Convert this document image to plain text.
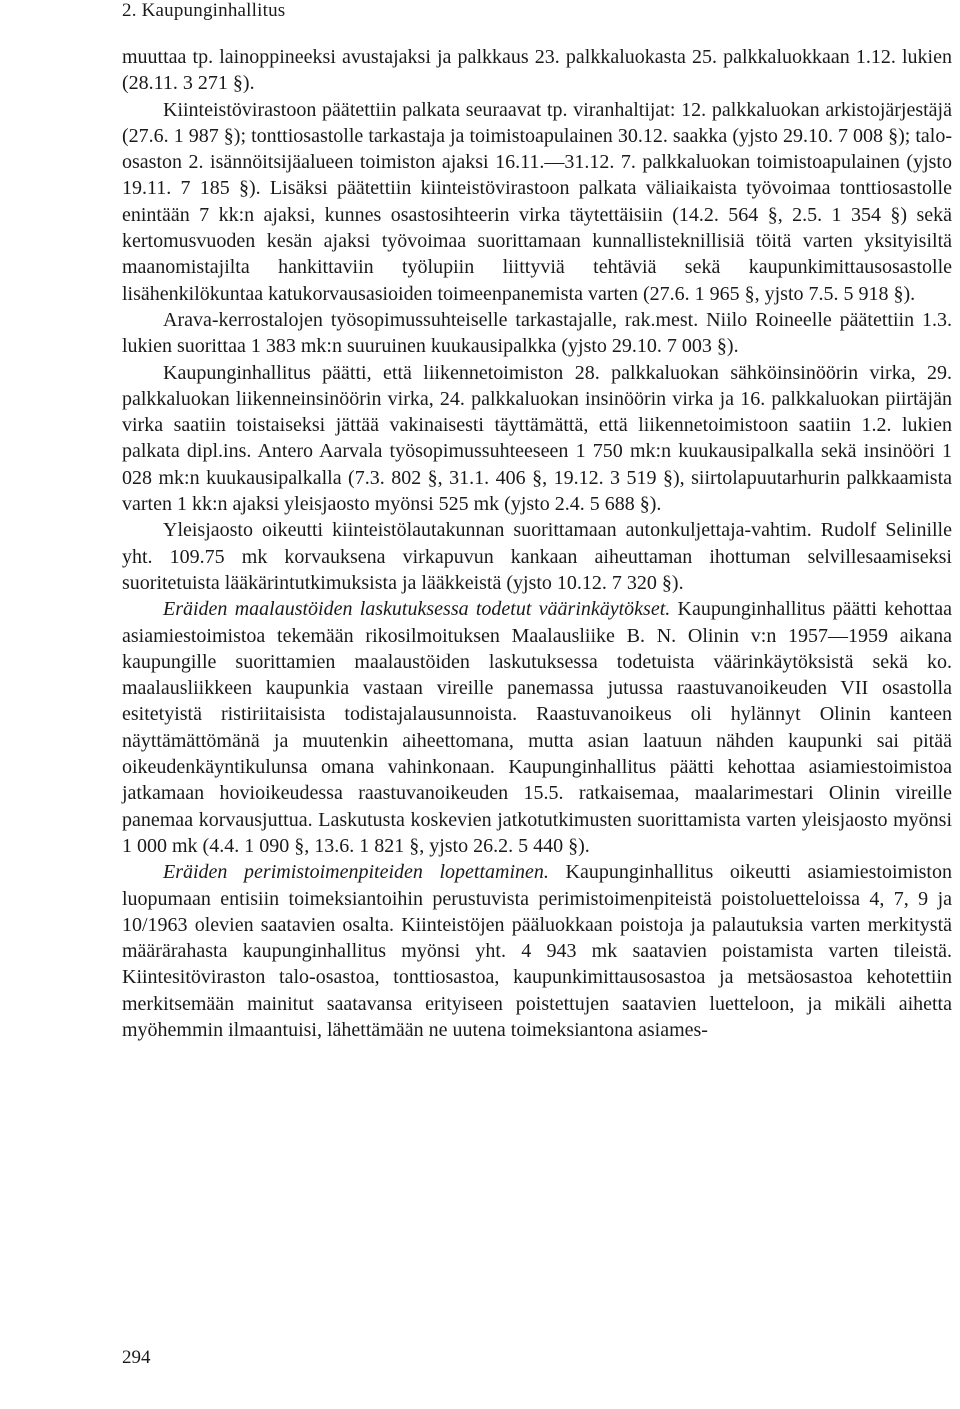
2. Kaupunginhallitus

muuttaa tp. lainoppineeksi avustajaksi ja palkkaus 23. palkkaluokasta 25. palkkaluokkaan 1.12. lukien (28.11. 3 271 §).

Kiinteistövirastoon päätettiin palkata seuraavat tp. viranhaltijat: 12. palkkaluokan arkistojärjestäjä (27.6. 1 987 §); tonttiosastolle tarkastaja ja toimistoapulainen 30.12. saakka (yjsto 29.10. 7 008 §); talo-osaston 2. isännöitsijäalueen toimiston ajaksi 16.11.—31.12. 7. palkkaluokan toimistoapulainen (yjsto 19.11. 7 185 §). Lisäksi päätettiin kiinteistövirastoon palkata väliaikaista työvoimaa tonttiosastolle enintään 7 kk:n ajaksi, kunnes osastosihteerin virka täytettäisiin (14.2. 564 §, 2.5. 1 354 §) sekä kertomusvuoden kesän ajaksi työvoimaa suorittamaan kunnallisteknillisiä töitä varten yksityisiltä maanomistajilta hankittaviin työlupiin liittyviä tehtäviä sekä kaupunkimittausosastolle lisähenkilökuntaa katukorvausasioiden toimeenpanemista varten (27.6. 1 965 §, yjsto 7.5. 5 918 §).

Arava-kerrostalojen työsopimussuhteiselle tarkastajalle, rak.mest. Niilo Roineelle päätettiin 1.3. lukien suorittaa 1 383 mk:n suuruinen kuukausipalkka (yjsto 29.10. 7 003 §).

Kaupunginhallitus päätti, että liikennetoimiston 28. palkkaluokan sähköinsinöörin virka, 29. palkkaluokan liikenneinsinöörin virka, 24. palkkaluokan insinöörin virka ja 16. palkkaluokan piirtäjän virka saatiin toistaiseksi jättää vakinaisesti täyttämättä, että liikennetoimistoon saatiin 1.2. lukien palkata dipl.ins. Antero Aarvala työsopimussuhteeseen 1 750 mk:n kuukausipalkalla sekä insinööri 1 028 mk:n kuukausipalkalla (7.3. 802 §, 31.1. 406 §, 19.12. 3 519 §), siirtolapuutarhurin palkkaamista varten 1 kk:n ajaksi yleisjaosto myönsi 525 mk (yjsto 2.4. 5 688 §).

Yleisjaosto oikeutti kiinteistölautakunnan suorittamaan autonkuljettaja-vahtim. Rudolf Selinille yht. 109.75 mk korvauksena virkapuvun kankaan aiheuttaman ihottuman selvillesaamiseksi suoritetuista lääkärintutkimuksista ja lääkkeistä (yjsto 10.12. 7 320 §).

Eräiden maalaustöiden laskutuksessa todetut väärinkäytökset. Kaupunginhallitus päätti kehottaa asiamiestoimistoa tekemään rikosilmoituksen Maalausliike B. N. Olinin v:n 1957—1959 aikana kaupungille suorittamien maalaustöiden laskutuksessa todetuista väärinkäytöksistä sekä ko. maalausliikkeen kaupunkia vastaan vireille panemassa jutussa raastuvanoikeuden VII osastolla esitetyistä ristiriitaisista todistajalausunnoista. Raastuvanoikeus oli hylännyt Olinin kanteen näyttämättömänä ja muutenkin aiheettomana, mutta asian laatuun nähden kaupunki sai pitää oikeudenkäyntikulunsa omana vahinkonaan. Kaupunginhallitus päätti kehottaa asiamiestoimistoa jatkamaan hovioikeudessa raastuvanoikeuden 15.5. ratkaisemaa, maalarimestari Olinin vireille panemaa korvausjuttua. Laskutusta koskevien jatkotutkimusten suorittamista varten yleisjaosto myönsi 1 000 mk (4.4. 1 090 §, 13.6. 1 821 §, yjsto 26.2. 5 440 §).

Eräiden perimistoimenpiteiden lopettaminen. Kaupunginhallitus oikeutti asiamiestoimiston luopumaan entisiin toimeksiantoihin perustuvista perimistoimenpiteistä poistoluetteloissa 4, 7, 9 ja 10/1963 olevien saatavien osalta. Kiinteistöjen pääluokkaan poistoja ja palautuksia varten merkitystä määrärahasta kaupunginhallitus myönsi yht. 4 943 mk saatavien poistamista varten tileistä. Kiintesitöviraston talo-osastoa, tonttiosastoa, kaupunkimittausosastoa ja metsäosastoa kehotettiin merkitsemään mainitut saatavansa erityiseen poistettujen saatavien luetteloon, ja mikäli aihetta myöhemmin ilmaantuisi, lähettämään ne uutena toimeksiantona asiames-

294
